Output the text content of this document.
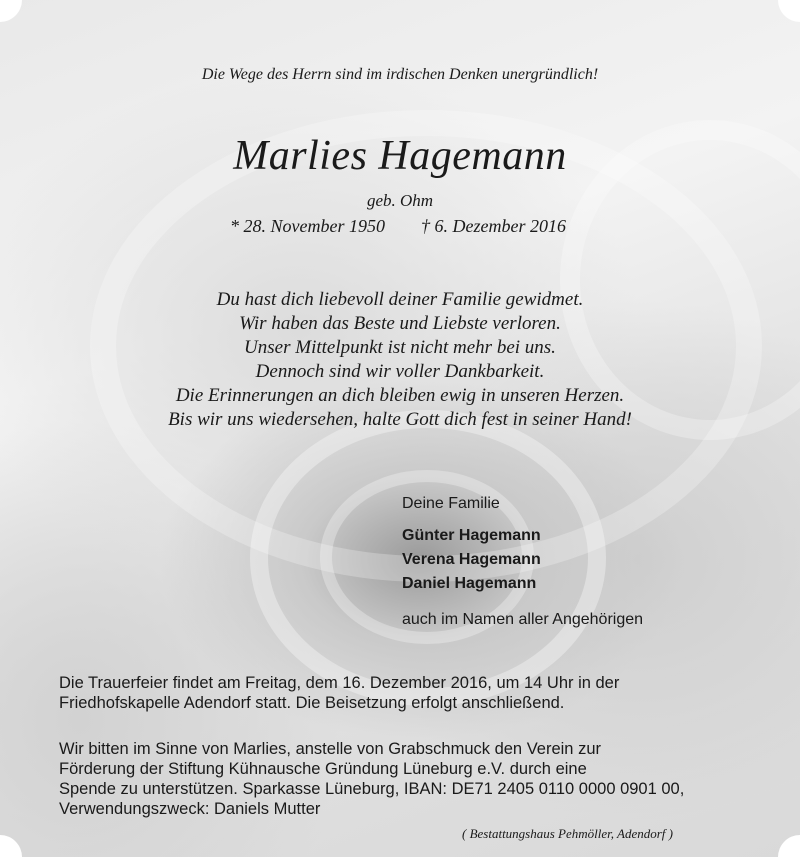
Die Wege des Herrn sind im irdischen Denken unergründlich!
Marlies Hagemann
geb. Ohm
* 28. November 1950 † 6. Dezember 2016
Du hast dich liebevoll deiner Familie gewidmet.
Wir haben das Beste und Liebste verloren.
Unser Mittelpunkt ist nicht mehr bei uns.
Dennoch sind wir voller Dankbarkeit.
Die Erinnerungen an dich bleiben ewig in unseren Herzen.
Bis wir uns wiedersehen, halte Gott dich fest in seiner Hand!
Deine Familie
Günter Hagemann
Verena Hagemann
Daniel Hagemann
auch im Namen aller Angehörigen
Die Trauerfeier findet am Freitag, dem 16. Dezember 2016, um 14 Uhr in der
Friedhofskapelle Adendorf statt. Die Beisetzung erfolgt anschließend.
Wir bitten im Sinne von Marlies, anstelle von Grabschmuck den Verein zur
Förderung der Stiftung Kühnausche Gründung Lüneburg e.V. durch eine
Spende zu unterstützen. Sparkasse Lüneburg, IBAN: DE71 2405 0110 0000 0901 00,
Verwendungszweck: Daniels Mutter
( Bestattungshaus Pehmöller, Adendorf )
